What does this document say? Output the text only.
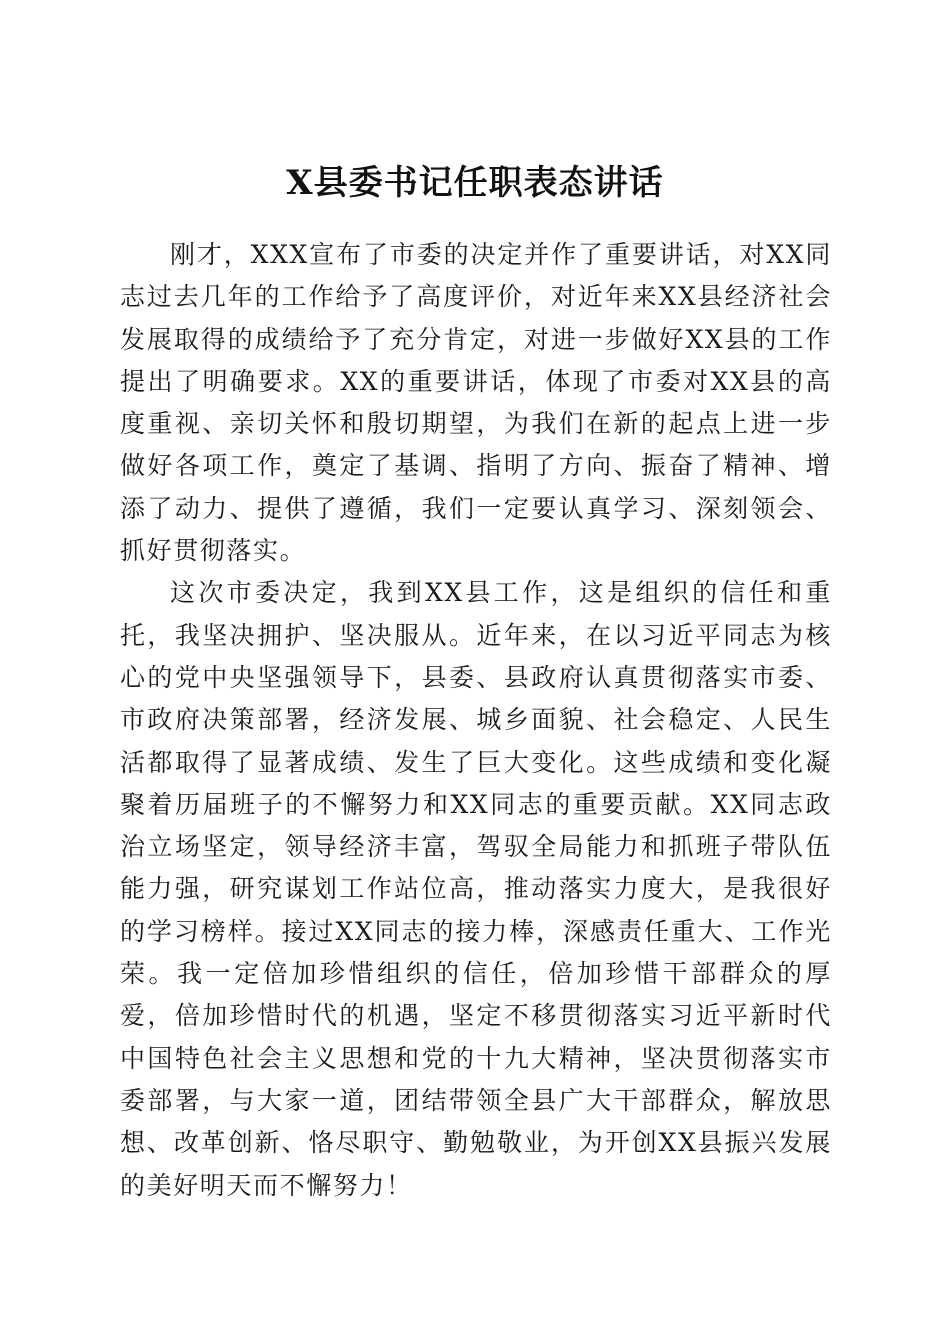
X县委书记任职表态讲话

刚才，XXX宣布了市委的决定并作了重要讲话，对XX同志过去几年的工作给予了高度评价，对近年来XX县经济社会发展取得的成绩给予了充分肯定，对进一步做好XX县的工作提出了明确要求。XX的重要讲话，体现了市委对XX县的高度重视、亲切关怀和殷切期望，为我们在新的起点上进一步做好各项工作，奠定了基调、指明了方向、振奋了精神、增添了动力、提供了遵循，我们一定要认真学习、深刻领会、抓好贯彻落实。

这次市委决定，我到XX县工作，这是组织的信任和重托，我坚决拥护、坚决服从。近年来，在以习近平同志为核心的党中央坚强领导下，县委、县政府认真贯彻落实市委、市政府决策部署，经济发展、城乡面貌、社会稳定、人民生活都取得了显著成绩、发生了巨大变化。这些成绩和变化凝聚着历届班子的不懈努力和XX同志的重要贡献。XX同志政治立场坚定，领导经济丰富，驾驭全局能力和抓班子带队伍能力强，研究谋划工作站位高，推动落实力度大，是我很好的学习榜样。接过XX同志的接力棒，深感责任重大、工作光荣。我一定倍加珍惜组织的信任，倍加珍惜干部群众的厚爱，倍加珍惜时代的机遇，坚定不移贯彻落实习近平新时代中国特色社会主义思想和党的十九大精神，坚决贯彻落实市委部署，与大家一道，团结带领全县广大干部群众，解放思想、改革创新、恪尽职守、勤勉敬业，为开创XX县振兴发展的美好明天而不懈努力！
